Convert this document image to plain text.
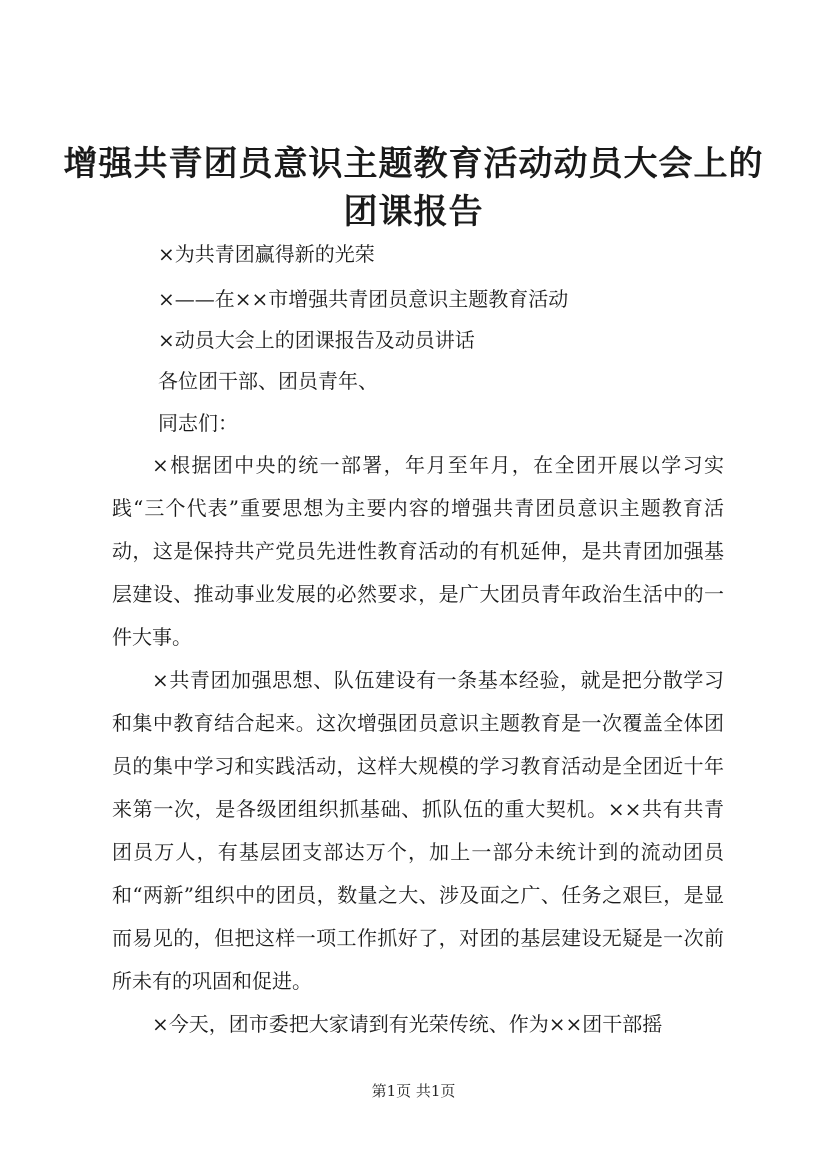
增强共青团员意识主题教育活动动员大会上的
团课报告
×为共青团赢得新的光荣
×——在××市增强共青团员意识主题教育活动
×动员大会上的团课报告及动员讲话
各位团干部、团员青年、
同志们：

×根据团中央的统一部署，年月至年月，在全团开展以学习实践“三个代表”重要思想为主要内容的增强共青团员意识主题教育活动，这是保持共产党员先进性教育活动的有机延伸，是共青团加强基层建设、推动事业发展的必然要求，是广大团员青年政治生活中的一件大事。

×共青团加强思想、队伍建设有一条基本经验，就是把分散学习和集中教育结合起来。这次增强团员意识主题教育是一次覆盖全体团员的集中学习和实践活动，这样大规模的学习教育活动是全团近十年来第一次，是各级团组织抓基础、抓队伍的重大契机。××共有共青团员万人，有基层团支部达万个，加上一部分未统计到的流动团员和“两新”组织中的团员，数量之大、涉及面之广、任务之艰巨，是显而易见的，但把这样一项工作抓好了，对团的基层建设无疑是一次前所未有的巩固和促进。

×今天，团市委把大家请到有光荣传统、作为××团干部摇

第1页 共1页
